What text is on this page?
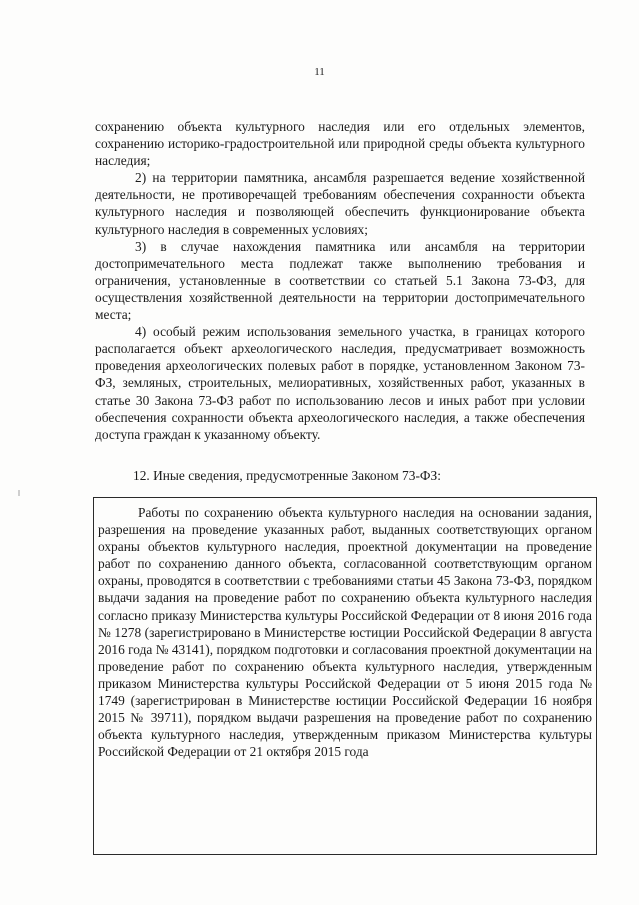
11

сохранению объекта культурного наследия или его отдельных элементов, сохранению историко-градостроительной или природной среды объекта культурного наследия;

2) на территории памятника, ансамбля разрешается ведение хозяйственной деятельности, не противоречащей требованиям обеспечения сохранности объекта культурного наследия и позволяющей обеспечить функционирование объекта культурного наследия в современных условиях;

3) в случае нахождения памятника или ансамбля на территории достопримечательного места подлежат также выполнению требования и ограничения, установленные в соответствии со статьей 5.1 Закона 73-ФЗ, для осуществления хозяйственной деятельности на территории достопримечательного места;

4) особый режим использования земельного участка, в границах которого располагается объект археологического наследия, предусматривает возможность проведения археологических полевых работ в порядке, установленном Законом 73-ФЗ, земляных, строительных, мелиоративных, хозяйственных работ, указанных в статье 30 Закона 73-ФЗ работ по использованию лесов и иных работ при условии обеспечения сохранности объекта археологического наследия, а также обеспечения доступа граждан к указанному объекту.

12. Иные сведения, предусмотренные Законом 73-ФЗ:

Работы по сохранению объекта культурного наследия на основании задания, разрешения на проведение указанных работ, выданных соответствующих органом охраны объектов культурного наследия, проектной документации на проведение работ по сохранению данного объекта, согласованной соответствующим органом охраны, проводятся в соответствии с требованиями статьи 45 Закона 73-ФЗ, порядком выдачи задания на проведение работ по сохранению объекта культурного наследия согласно приказу Министерства культуры Российской Федерации от 8 июня 2016 года № 1278 (зарегистрировано в Министерстве юстиции Российской Федерации 8 августа 2016 года № 43141), порядком подготовки и согласования проектной документации на проведение работ по сохранению объекта культурного наследия, утвержденным приказом Министерства культуры Российской Федерации от 5 июня 2015 года № 1749 (зарегистрирован в Министерстве юстиции Российской Федерации 16 ноября 2015 № 39711), порядком выдачи разрешения на проведение работ по сохранению объекта культурного наследия, утвержденным приказом Министерства культуры Российской Федерации от 21 октября 2015 года
